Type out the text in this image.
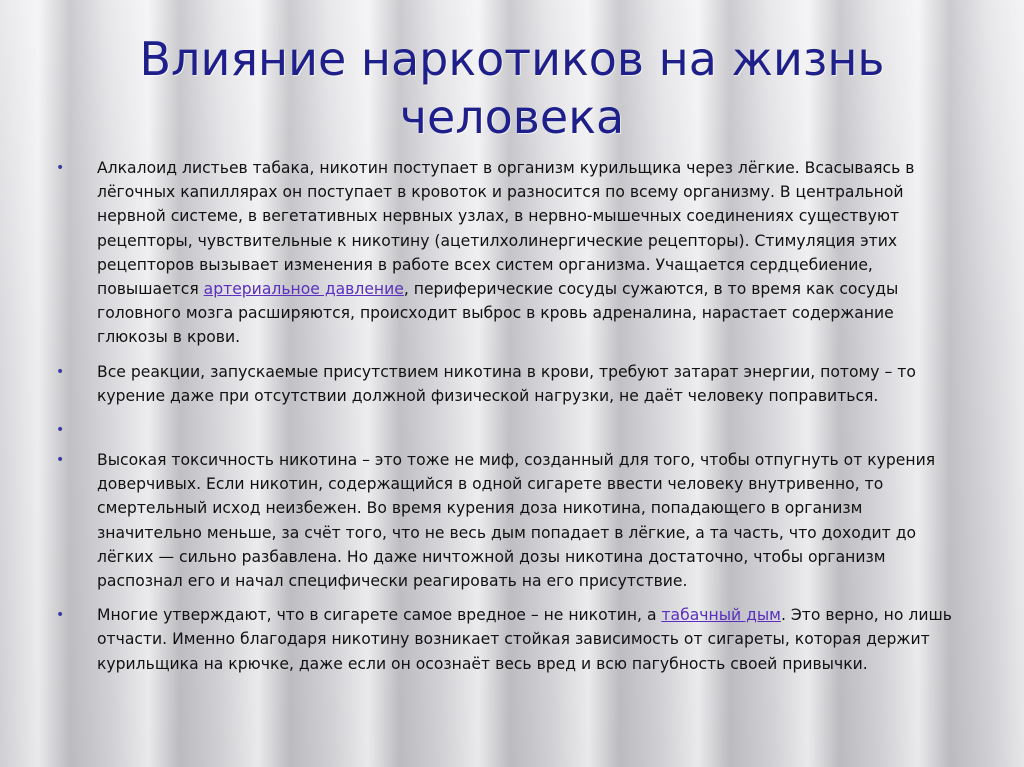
Влияние наркотиков на жизнь
человека
• Алкалоид листьев табака, никотин поступает в организм курильщика через лёгкие. Всасываясь в лёгочных капиллярах он поступает в кровоток и разносится по всему организму. В центральной нервной системе, в вегетативных нервных узлах, в нервно-мышечных соединениях существуют рецепторы, чувствительные к никотину (ацетилхолинергические рецепторы). Стимуляция этих рецепторов вызывает изменения в работе всех систем организма. Учащается сердцебиение, повышается артериальное давление, периферические сосуды сужаются, в то время как сосуды головного мозга расширяются, происходит выброс в кровь адреналина, нарастает содержание глюкозы в крови.
• Все реакции, запускаемые присутствием никотина в крови, требуют затарат энергии, потому – то курение даже при отсутствии должной физической нагрузки, не даёт человеку поправиться.
•
• Высокая токсичность никотина – это тоже не миф, созданный для того, чтобы отпугнуть от курения доверчивых. Если никотин, содержащийся в одной сигарете ввести человеку внутривенно, то смертельный исход неизбежен. Во время курения доза никотина, попадающего в организм значительно меньше, за счёт того, что не весь дым попадает в лёгкие, а та часть, что доходит до лёгких — сильно разбавлена. Но даже ничтожной дозы никотина достаточно, чтобы организм распознал его и начал специфически реагировать на его присутствие.
• Многие утверждают, что в сигарете самое вредное – не никотин, а табачный дым. Это верно, но лишь отчасти. Именно благодаря никотину возникает стойкая зависимость от сигареты, которая держит курильщика на крючке, даже если он осознаёт весь вред и всю пагубность своей привычки.
